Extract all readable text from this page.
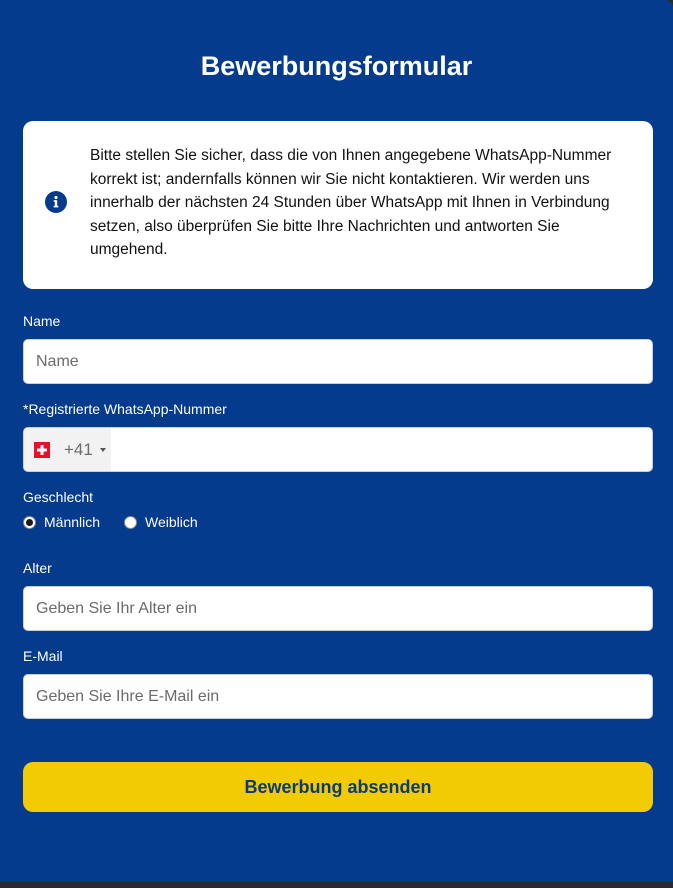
Bewerbungsformular
Bitte stellen Sie sicher, dass die von Ihnen angegebene WhatsApp-Nummer korrekt ist; andernfalls können wir Sie nicht kontaktieren. Wir werden uns innerhalb der nächsten 24 Stunden über WhatsApp mit Ihnen in Verbindung setzen, also überprüfen Sie bitte Ihre Nachrichten und antworten Sie umgehend.
Name
Name
*Registrierte WhatsApp-Nummer
+41
Geschlecht
Männlich	Weiblich
Alter
Geben Sie Ihr Alter ein
E-Mail
Geben Sie Ihre E-Mail ein
Bewerbung absenden
